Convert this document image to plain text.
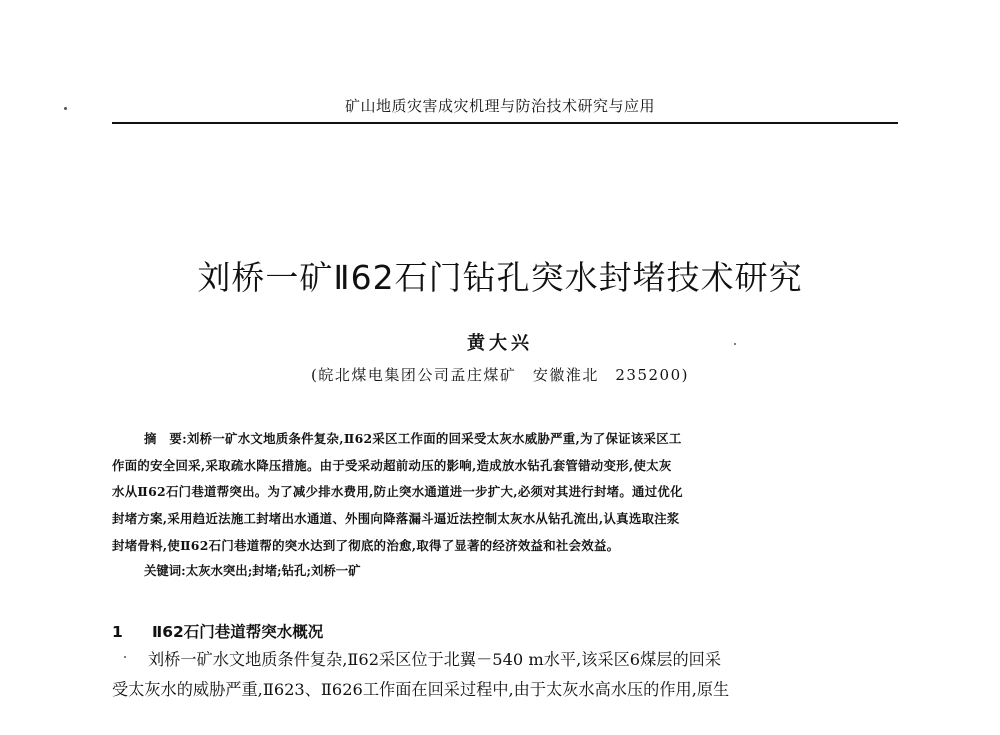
矿山地质灾害成灾机理与防治技术研究与应用
刘桥一矿Ⅱ62石门钻孔突水封堵技术研究
黄大兴
(皖北煤电集团公司孟庄煤矿　安徽淮北　235200)
摘　要:刘桥一矿水文地质条件复杂,Ⅱ62采区工作面的回采受太灰水威胁严重,为了保证该采区工
作面的安全回采,采取疏水降压措施。由于受采动超前动压的影响,造成放水钻孔套管错动变形,使太灰
水从Ⅱ62石门巷道帮突出。为了减少排水费用,防止突水通道进一步扩大,必须对其进行封堵。通过优化
封堵方案,采用趋近法施工封堵出水通道、外围向降落漏斗逼近法控制太灰水从钻孔流出,认真选取注浆
封堵骨料,使Ⅱ62石门巷道帮的突水达到了彻底的治愈,取得了显著的经济效益和社会效益。
关键词:太灰水突出;封堵;钻孔;刘桥一矿
1 Ⅱ62石门巷道帮突水概况
刘桥一矿水文地质条件复杂,Ⅱ62采区位于北翼－540 m水平,该采区6煤层的回采
受太灰水的威胁严重,Ⅱ623、Ⅱ626工作面在回采过程中,由于太灰水高水压的作用,原生
